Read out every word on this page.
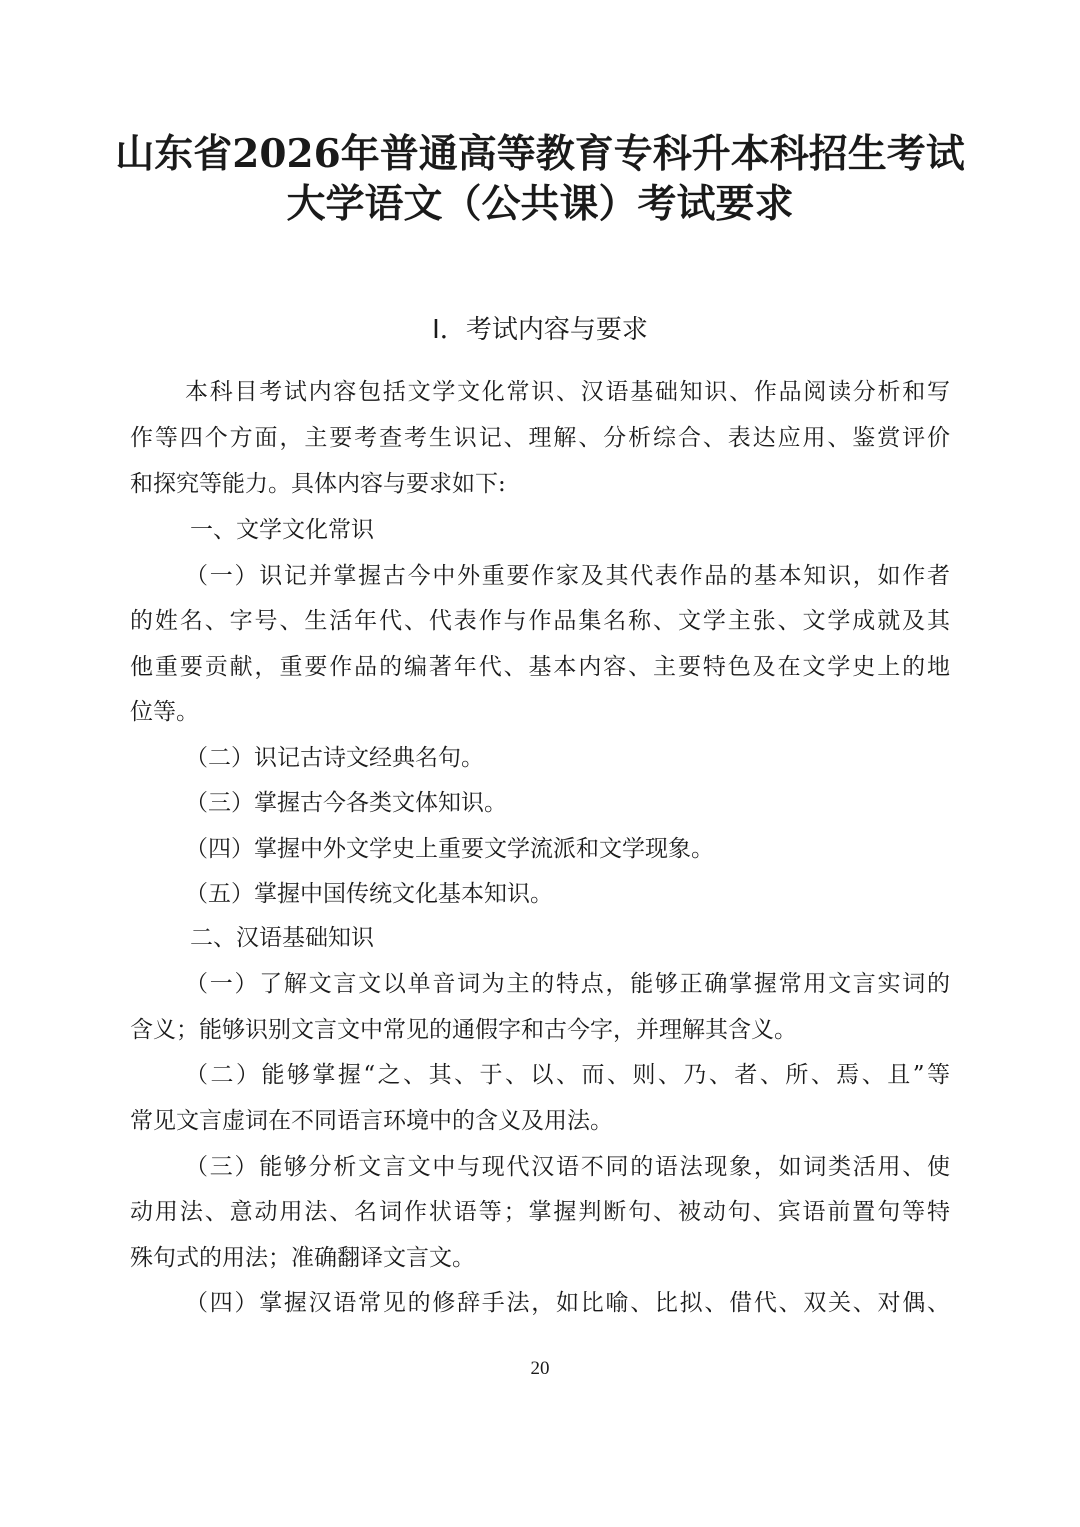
山东省2026年普通高等教育专科升本科招生考试
大学语文（公共课）考试要求
Ⅰ．考试内容与要求
本科目考试内容包括文学文化常识、汉语基础知识、作品阅读分析和写
作等四个方面，主要考查考生识记、理解、分析综合、表达应用、鉴赏评价
和探究等能力。具体内容与要求如下:
一、文学文化常识
（一）识记并掌握古今中外重要作家及其代表作品的基本知识，如作者
的姓名、字号、生活年代、代表作与作品集名称、文学主张、文学成就及其
他重要贡献，重要作品的编著年代、基本内容、主要特色及在文学史上的地
位等。
（二）识记古诗文经典名句。
（三）掌握古今各类文体知识。
（四）掌握中外文学史上重要文学流派和文学现象。
（五）掌握中国传统文化基本知识。
二、汉语基础知识
（一）了解文言文以单音词为主的特点，能够正确掌握常用文言实词的
含义；能够识别文言文中常见的通假字和古今字，并理解其含义。
（二）能够掌握“之、其、于、以、而、则、乃、者、所、焉、且”等
常见文言虚词在不同语言环境中的含义及用法。
（三）能够分析文言文中与现代汉语不同的语法现象，如词类活用、使
动用法、意动用法、名词作状语等；掌握判断句、被动句、宾语前置句等特
殊句式的用法；准确翻译文言文。
（四）掌握汉语常见的修辞手法，如比喻、比拟、借代、双关、对偶、
20
